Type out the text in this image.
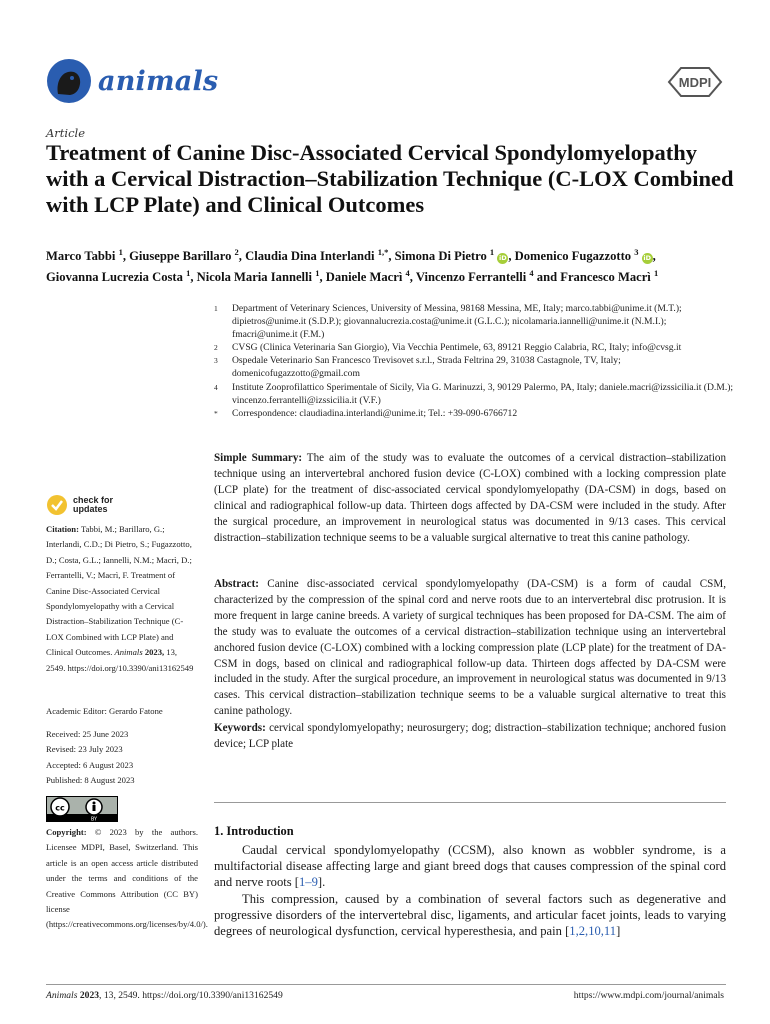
animals	MDPI
Article
Treatment of Canine Disc-Associated Cervical Spondylomyelopathy with a Cervical Distraction–Stabilization Technique (C-LOX Combined with LCP Plate) and Clinical Outcomes
Marco Tabbi $^1$, Giuseppe Barillaro $^2$, Claudia Dina Interlandi $^{1,*}$, Simona Di Pietro $^1$ iD , Domenico Fugazzotto $^3$ iD ,
Giovanna Lucrezia Costa $^1$, Nicola Maria Iannelli $^1$, Daniele Macrì $^4$, Vincenzo Ferrantelli $^4$ and Francesco Macrì $^1$
1	Department of Veterinary Sciences, University of Messina, 98168 Messina, ME, Italy; marco.tabbi@unime.it (M.T.); dipietros@unime.it (S.D.P.); giovannalucrezia.costa@unime.it (G.L.C.); nicolamaria.iannelli@unime.it (N.M.I.); fmacri@unime.it (F.M.)
2	CVSG (Clinica Veterinaria San Giorgio), Via Vecchia Pentimele, 63, 89121 Reggio Calabria, RC, Italy; info@cvsg.it
3	Ospedale Veterinario San Francesco Trevisovet s.r.l., Strada Feltrina 29, 31038 Castagnole, TV, Italy; domenicofugazzotto@gmail.com
4	Institute Zooprofilattico Sperimentale of Sicily, Via G. Marinuzzi, 3, 90129 Palermo, PA, Italy; daniele.macri@izssicilia.it (D.M.); vincenzo.ferrantelli@izssicilia.it (V.F.)
*	Correspondence: claudiadina.interlandi@unime.it; Tel.: +39-090-6766712
Simple Summary: The aim of the study was to evaluate the outcomes of a cervical distraction–stabilization technique using an intervertebral anchored fusion device (C-LOX) combined with a locking compression plate (LCP plate) for the treatment of disc-associated cervical spondylomyelopathy (DA-CSM) in dogs, based on clinical and radiographical follow-up data. Thirteen dogs affected by DA-CSM were included in the study. After the surgical procedure, an improvement in neurological status was documented in 9/13 cases. This cervical distraction–stabilization technique seems to be a valuable surgical alternative to treat this canine pathology.
Abstract: Canine disc-associated cervical spondylomyelopathy (DA-CSM) is a form of caudal CSM, characterized by the compression of the spinal cord and nerve roots due to an intervertebral disc protrusion. It is more frequent in large canine breeds. A variety of surgical techniques has been proposed for DA-CSM. The aim of the study was to evaluate the outcomes of a cervical distraction–stabilization technique using an intervertebral anchored fusion device (C-LOX) combined with a locking compression plate (LCP plate) for the treatment of DA-CSM in dogs, based on clinical and radiographical follow-up data. Thirteen dogs affected by DA-CSM were included in the study. After the surgical procedure, an improvement in neurological status was documented in 9/13 cases. This cervical distraction–stabilization technique seems to be a valuable surgical alternative to treat this canine pathology.
Keywords: cervical spondylomyelopathy; neurosurgery; dog; distraction–stabilization technique; anchored fusion device; LCP plate
check for updates
Citation: Tabbi, M.; Barillaro, G.; Interlandi, C.D.; Di Pietro, S.; Fugazzotto, D.; Costa, G.L.; Iannelli, N.M.; Macrì, D.; Ferrantelli, V.; Macrì, F. Treatment of Canine Disc-Associated Cervical Spondylomyelopathy with a Cervical Distraction–Stabilization Technique (C-LOX Combined with LCP Plate) and Clinical Outcomes. Animals 2023, 13, 2549. https://doi.org/10.3390/ani13162549
Academic Editor: Gerardo Fatone
Received: 25 June 2023
Revised: 23 July 2023
Accepted: 6 August 2023
Published: 8 August 2023
cc
BY
Copyright: © 2023 by the authors. Licensee MDPI, Basel, Switzerland. This article is an open access article distributed under the terms and conditions of the Creative Commons Attribution (CC BY) license (https://creativecommons.org/licenses/by/4.0/).
1. Introduction

Caudal cervical spondylomyelopathy (CCSM), also known as wobbler syndrome, is a multifactorial disease affecting large and giant breed dogs that causes compression of the spinal cord and nerve roots [1–9].

This compression, caused by a combination of several factors such as degenerative and progressive disorders of the intervertebral disc, ligaments, and articular facet joints, leads to varying degrees of neurological dysfunction, cervical hyperesthesia, and pain [1,2,10,11]

Animals 2023, 13, 2549. https://doi.org/10.3390/ani13162549	https://www.mdpi.com/journal/animals
